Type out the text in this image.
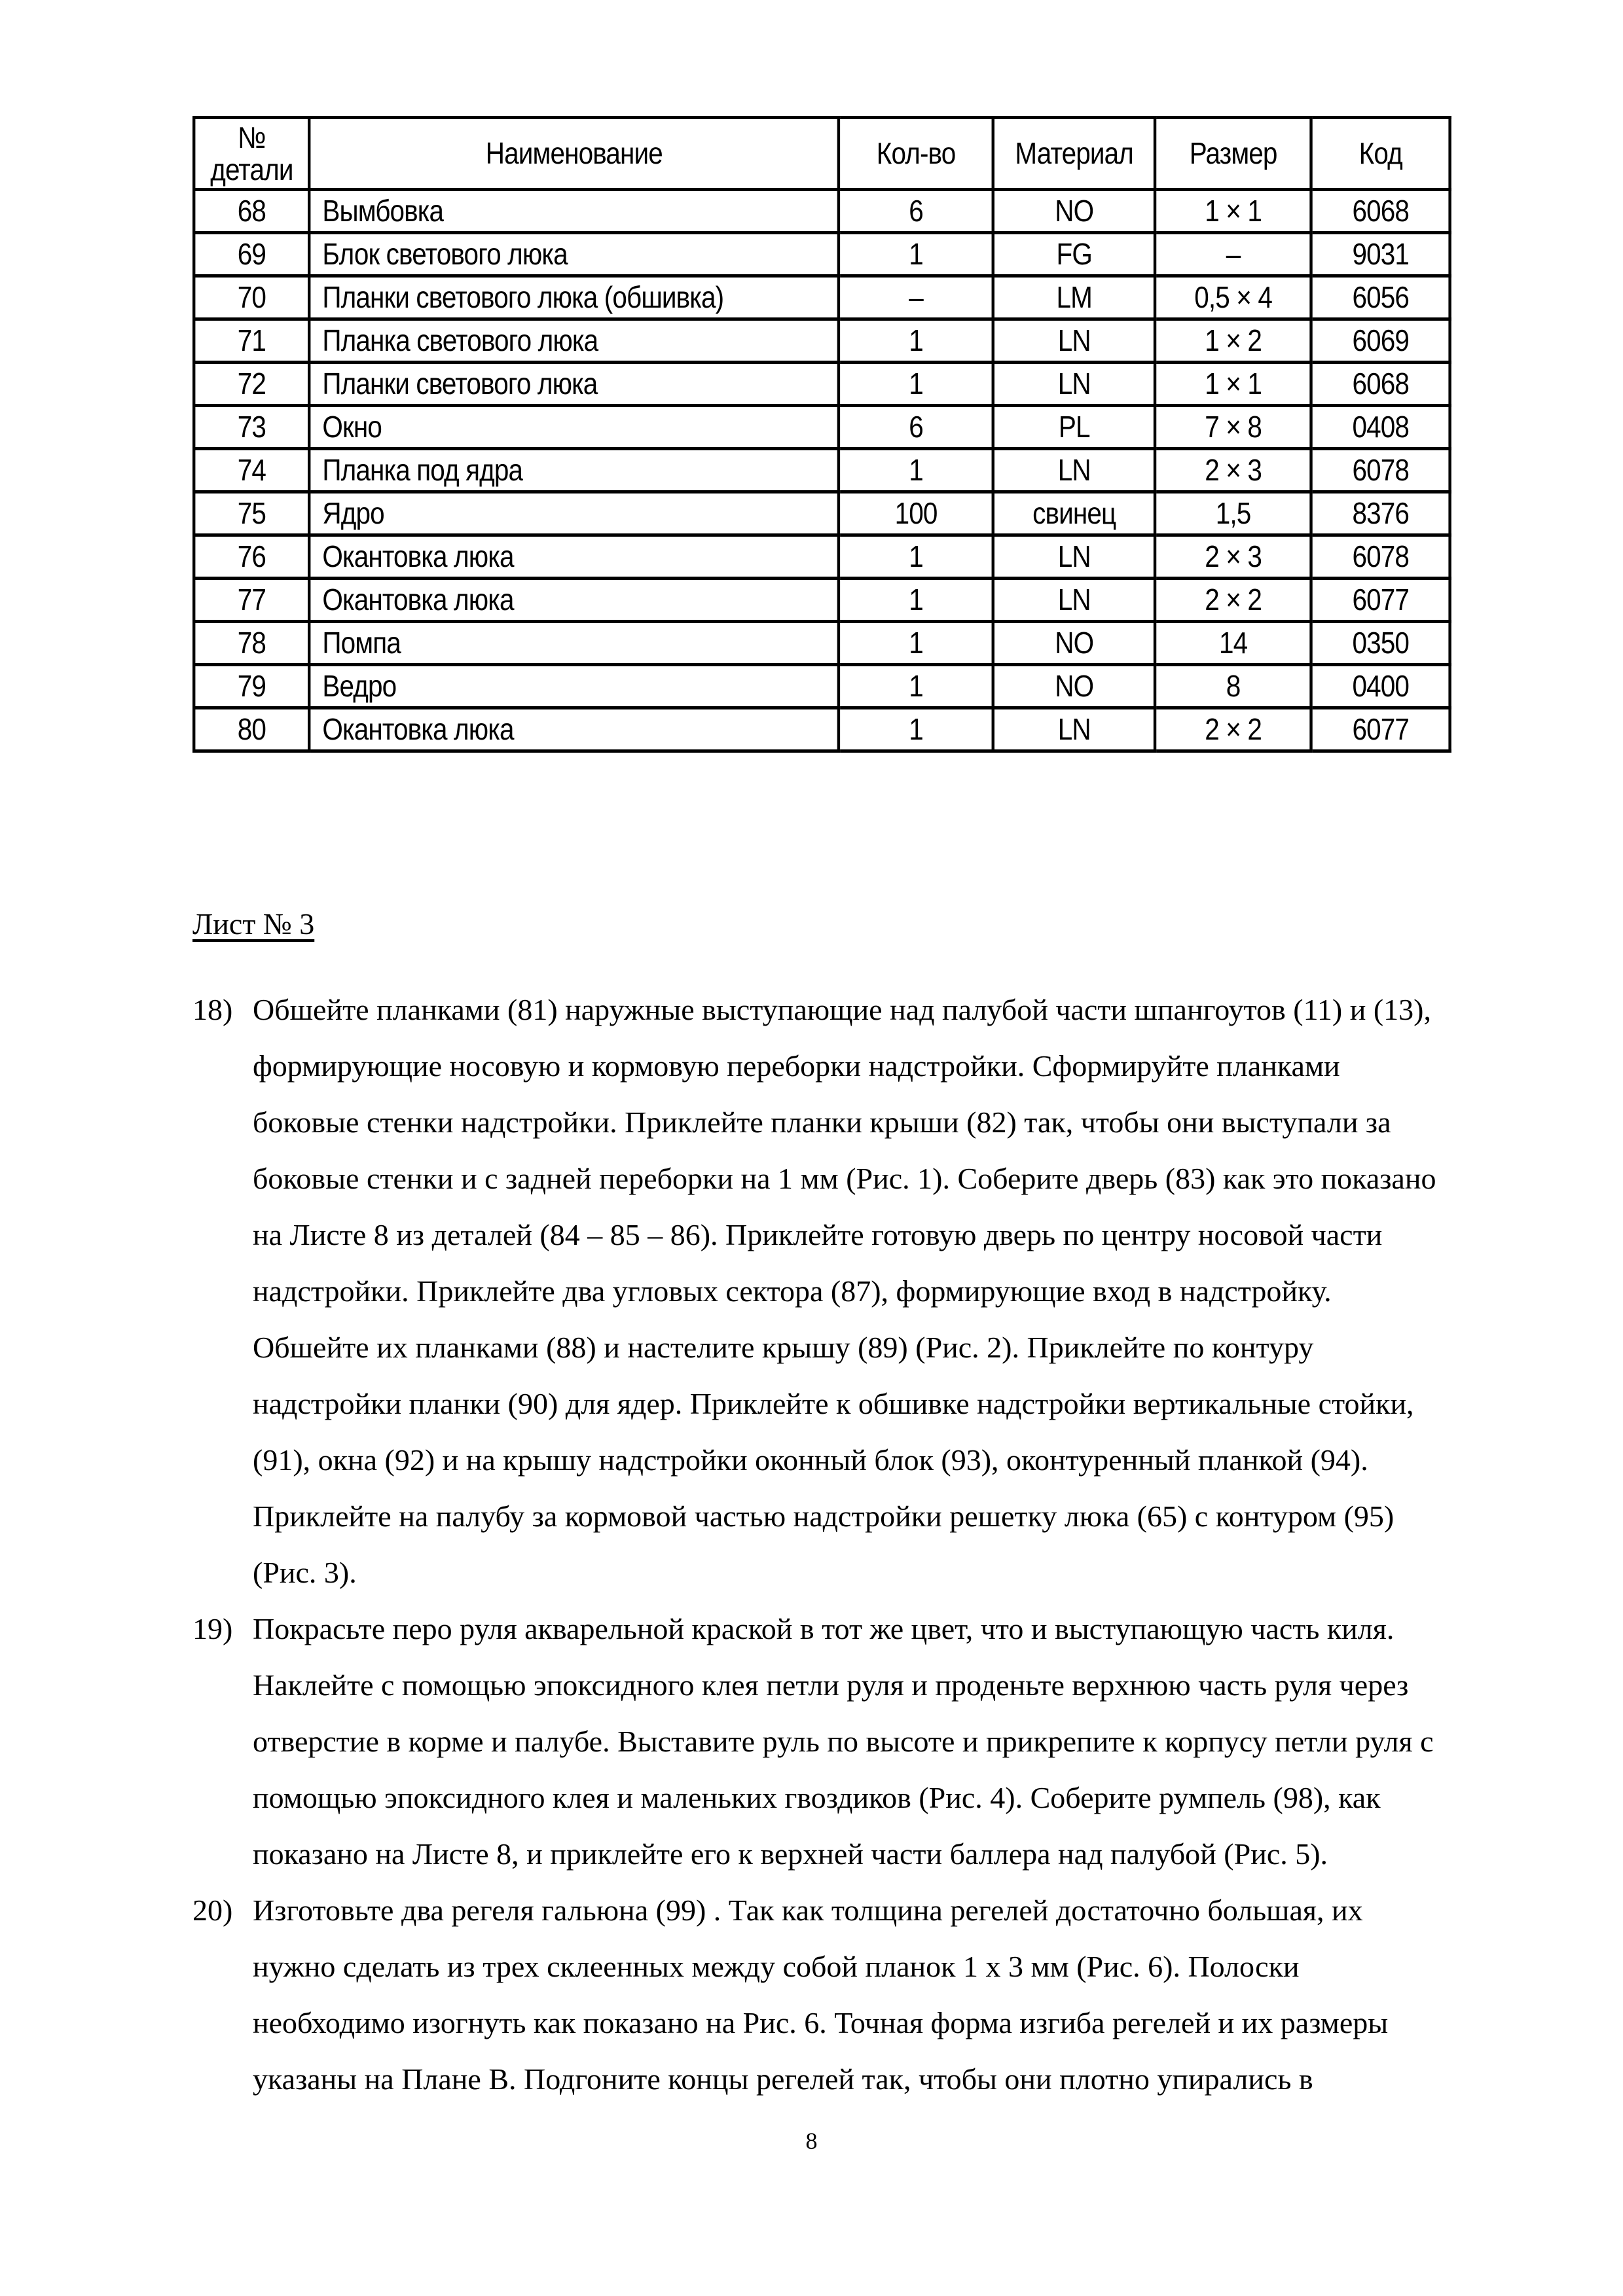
№
детали	Наименование	Кол-во	Материал	Размер	Код
68	Вымбовка	6	NO	1 × 1	6068
69	Блок светового люка	1	FG	–	9031
70	Планки светового люка (обшивка)	–	LM	0,5 × 4	6056
71	Планка светового люка	1	LN	1 × 2	6069
72	Планки светового люка	1	LN	1 × 1	6068
73	Окно	6	PL	7 × 8	0408
74	Планка под ядра	1	LN	2 × 3	6078
75	Ядро	100	свинец	1,5	8376
76	Окантовка люка	1	LN	2 × 3	6078
77	Окантовка люка	1	LN	2 × 2	6077
78	Помпа	1	NO	14	0350
79	Ведро	1	NO	8	0400
80	Окантовка люка	1	LN	2 × 2	6077
Лист № 3
18) Обшейте планками (81) наружные выступающие над палубой части шпангоутов (11) и (13),
формирующие носовую и кормовую переборки надстройки. Сформируйте планками
боковые стенки надстройки. Приклейте планки крыши (82) так, чтобы они выступали за
боковые стенки и с задней переборки на 1 мм (Рис. 1). Соберите дверь (83) как это показано
на Листе 8 из деталей (84 – 85 – 86). Приклейте готовую дверь по центру носовой части
надстройки. Приклейте два угловых сектора (87), формирующие вход в надстройку.
Обшейте их планками (88) и настелите крышу (89) (Рис. 2). Приклейте по контуру
надстройки планки (90) для ядер. Приклейте к обшивке надстройки вертикальные стойки,
(91), окна (92) и на крышу надстройки оконный блок (93), оконтуренный планкой (94).
Приклейте на палубу за кормовой частью надстройки решетку люка (65) с контуром (95)
(Рис. 3).
19) Покрасьте перо руля акварельной краской в тот же цвет, что и выступающую часть киля.
Наклейте с помощью эпоксидного клея петли руля и проденьте верхнюю часть руля через
отверстие в корме и палубе. Выставите руль по высоте и прикрепите к корпусу петли руля с
помощью эпоксидного клея и маленьких гвоздиков (Рис. 4). Соберите румпель (98), как
показано на Листе 8, и приклейте его к верхней части баллера над палубой (Рис. 5).
20) Изготовьте два регеля гальюна (99) . Так как толщина регелей достаточно большая, их
нужно сделать из трех склеенных между собой планок 1 х 3 мм (Рис. 6). Полоски
необходимо изогнуть как показано на Рис. 6. Точная форма изгиба регелей и их размеры
указаны на Плане В. Подгоните концы регелей так, чтобы они плотно упирались в
8
